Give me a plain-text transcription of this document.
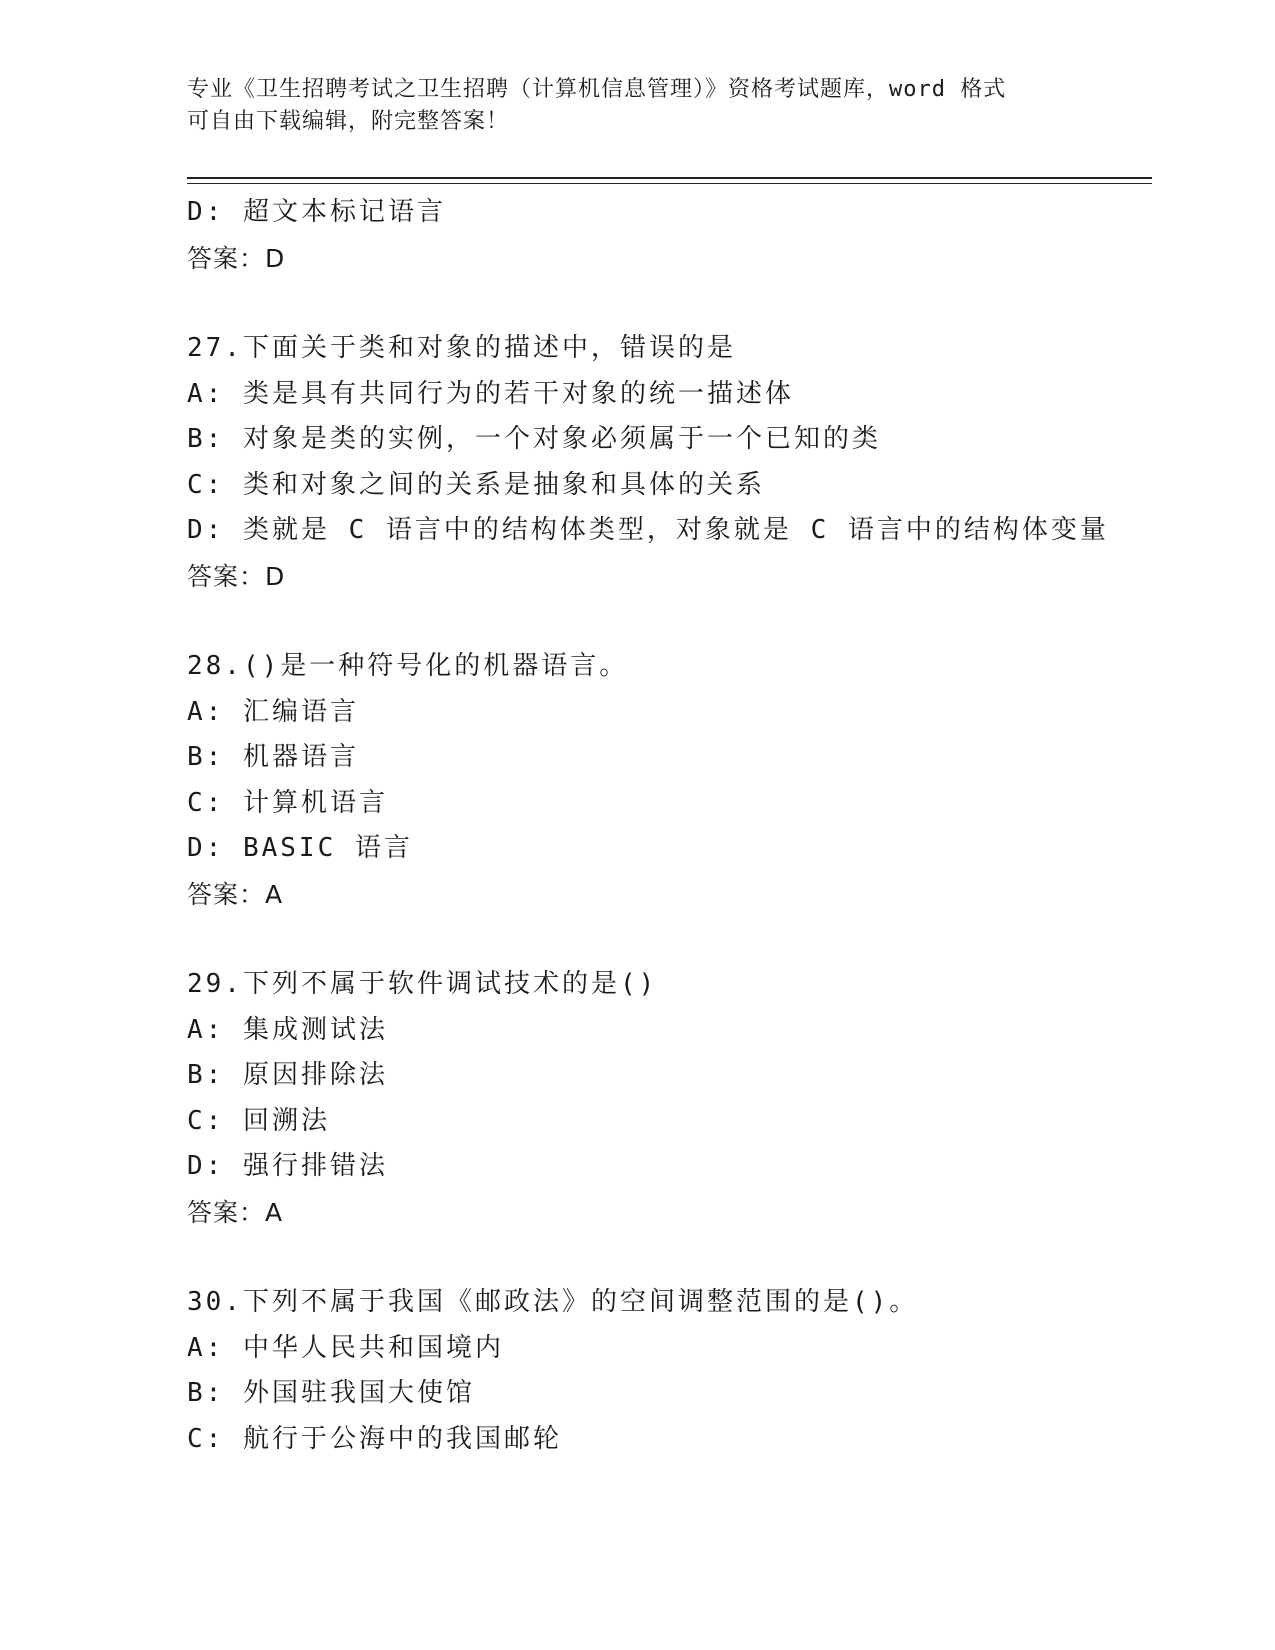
专业《卫生招聘考试之卫生招聘（计算机信息管理）》资格考试题库，word 格式
可自由下载编辑，附完整答案！
D: 超文本标记语言
答案：D
27.下面关于类和对象的描述中，错误的是
A: 类是具有共同行为的若干对象的统一描述体
B: 对象是类的实例，一个对象必须属于一个已知的类
C: 类和对象之间的关系是抽象和具体的关系
D: 类就是 C 语言中的结构体类型，对象就是 C 语言中的结构体变量
答案：D
28.()是一种符号化的机器语言。
A: 汇编语言
B: 机器语言
C: 计算机语言
D: BASIC 语言
答案：A
29.下列不属于软件调试技术的是()
A: 集成测试法
B: 原因排除法
C: 回溯法
D: 强行排错法
答案：A
30.下列不属于我国《邮政法》的空间调整范围的是()。
A: 中华人民共和国境内
B: 外国驻我国大使馆
C: 航行于公海中的我国邮轮
